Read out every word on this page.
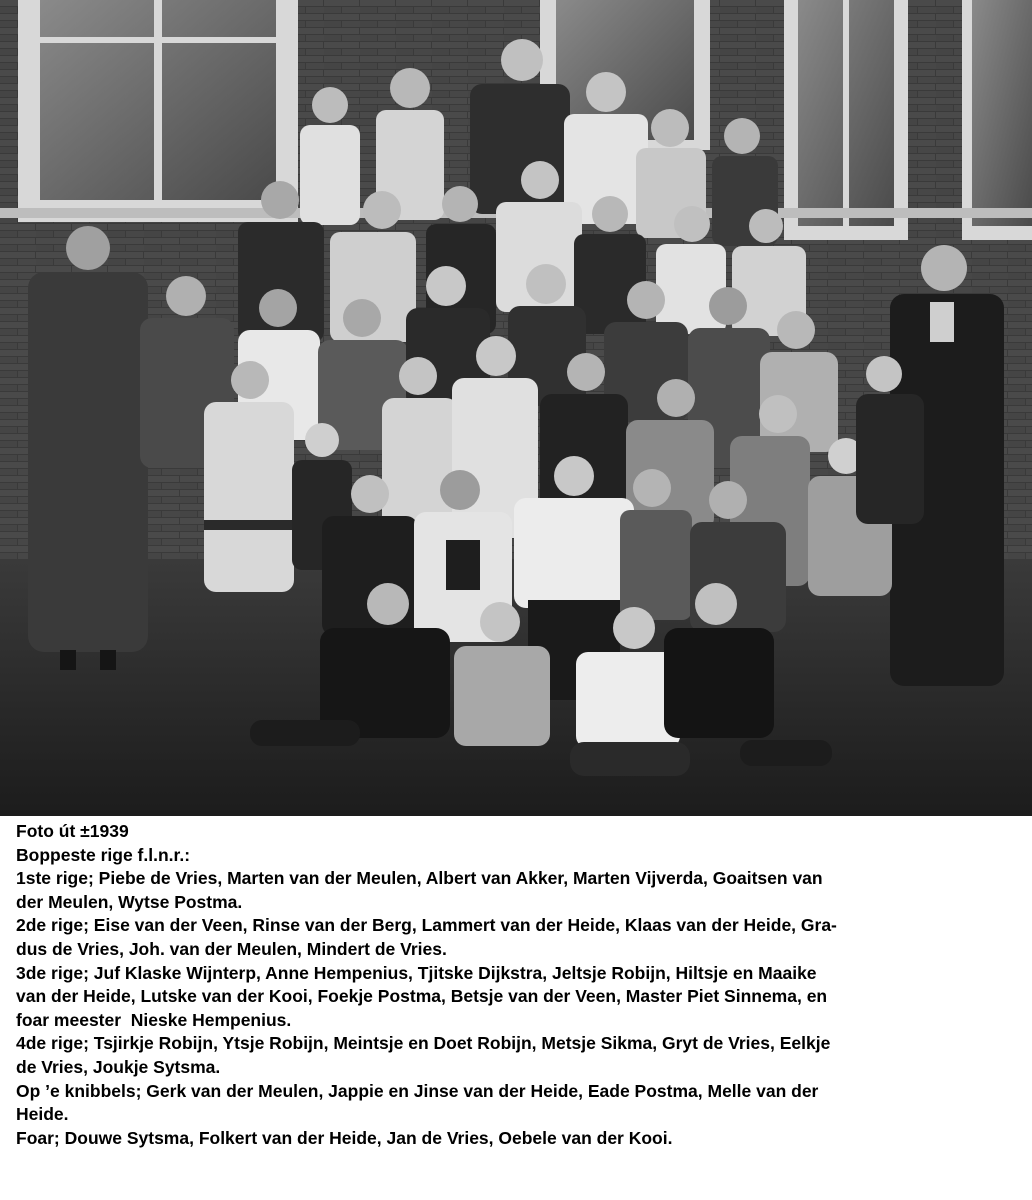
Foto út ±1939
Boppeste rige f.l.n.r.:
1ste rige; Piebe de Vries, Marten van der Meulen, Albert van Akker, Marten Vijverda, Goaitsen van
der Meulen, Wytse Postma.
2de rige; Eise van der Veen, Rinse van der Berg, Lammert van der Heide, Klaas van der Heide, Gra-
dus de Vries, Joh. van der Meulen, Mindert de Vries.
3de rige; Juf Klaske Wijnterp, Anne Hempenius, Tjitske Dijkstra, Jeltsje Robijn, Hiltsje en Maaike
van der Heide, Lutske van der Kooi, Foekje Postma, Betsje van der Veen, Master Piet Sinnema, en
foar meester  Nieske Hempenius.
4de rige; Tsjirkje Robijn, Ytsje Robijn, Meintsje en Doet Robijn, Metsje Sikma, Gryt de Vries, Eelkje
de Vries, Joukje Sytsma.
Op ’e knibbels; Gerk van der Meulen, Jappie en Jinse van der Heide, Eade Postma, Melle van der
Heide.
Foar; Douwe Sytsma, Folkert van der Heide, Jan de Vries, Oebele van der Kooi.
